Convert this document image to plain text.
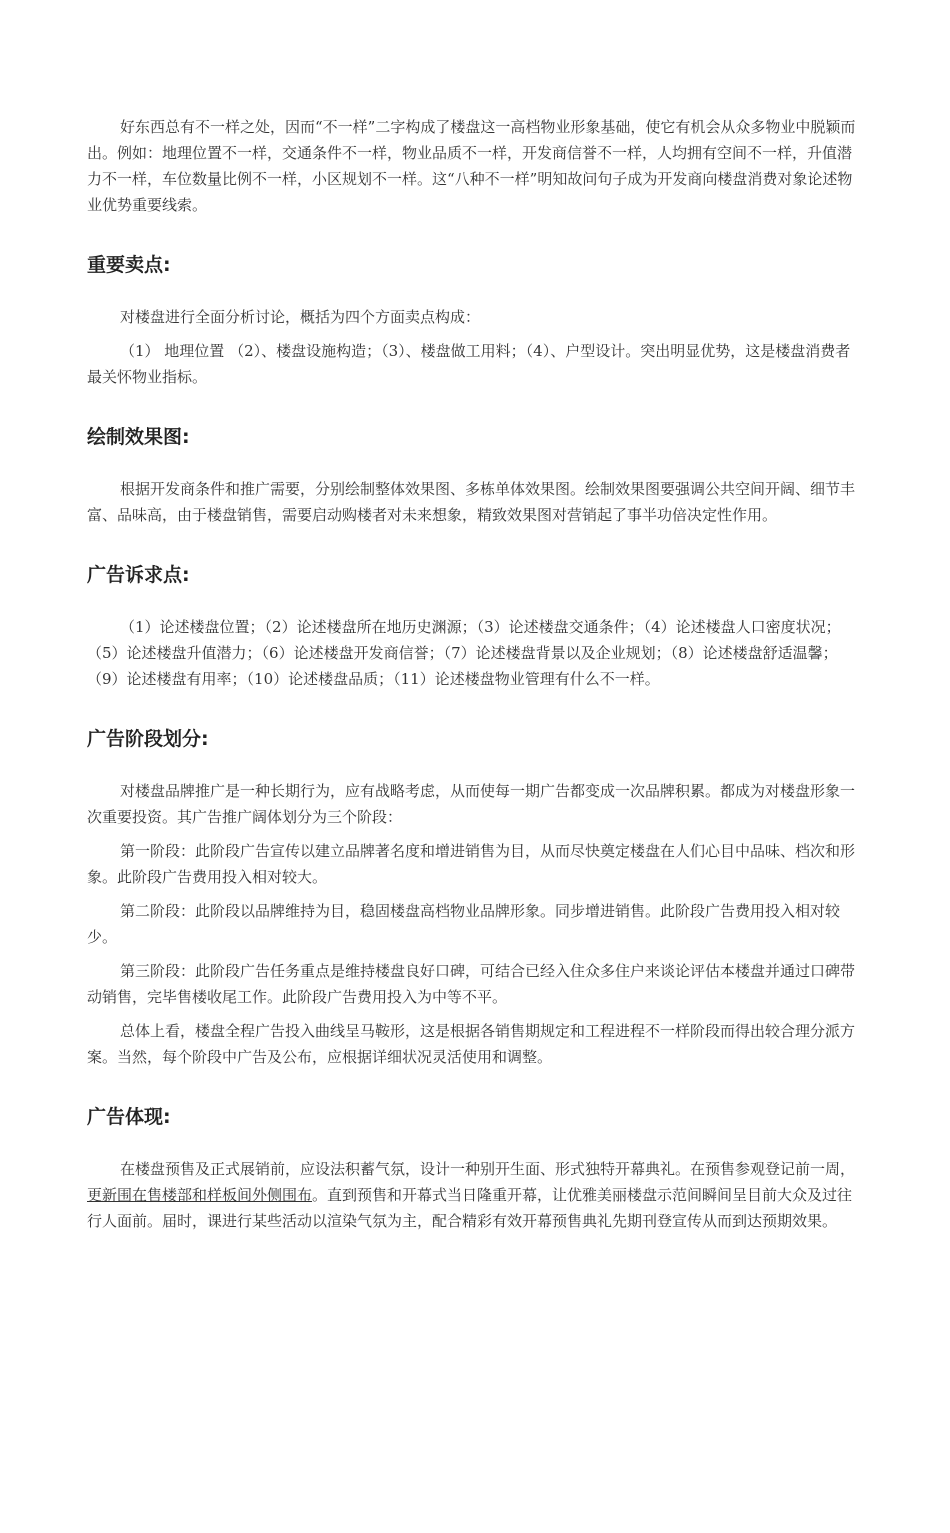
好东西总有不一样之处，因而“不一样”二字构成了楼盘这一高档物业形象基础，使它有机会从众多物业中脱颖而出。例如：地理位置不一样，交通条件不一样，物业品质不一样，开发商信誉不一样，人均拥有空间不一样，升值潜力不一样，车位数量比例不一样，小区规划不一样。这“八种不一样”明知故问句子成为开发商向楼盘消费对象论述物业优势重要线索。

重要卖点:

对楼盘进行全面分析讨论，概括为四个方面卖点构成：

（1） 地理位置 （2）、楼盘设施构造；（3）、楼盘做工用料；（4）、户型设计。突出明显优势，这是楼盘消费者最关怀物业指标。

绘制效果图:

根据开发商条件和推广需要，分别绘制整体效果图、多栋单体效果图。绘制效果图要强调公共空间开阔、细节丰富、品味高，由于楼盘销售，需要启动购楼者对未来想象，精致效果图对营销起了事半功倍决定性作用。

广告诉求点:

（1）论述楼盘位置；（2）论述楼盘所在地历史渊源；（3）论述楼盘交通条件；（4）论述楼盘人口密度状况；（5）论述楼盘升值潜力；（6）论述楼盘开发商信誉；（7）论述楼盘背景以及企业规划；（8）论述楼盘舒适温馨；（9）论述楼盘有用率；（10）论述楼盘品质；（11）论述楼盘物业管理有什么不一样。

广告阶段划分:

对楼盘品牌推广是一种长期行为，应有战略考虑，从而使每一期广告都变成一次品牌积累。都成为对楼盘形象一次重要投资。其广告推广阔体划分为三个阶段：

第一阶段：此阶段广告宣传以建立品牌著名度和增进销售为目，从而尽快奠定楼盘在人们心目中品味、档次和形象。此阶段广告费用投入相对较大。

第二阶段：此阶段以品牌维持为目，稳固楼盘高档物业品牌形象。同步增进销售。此阶段广告费用投入相对较少。

第三阶段：此阶段广告任务重点是维持楼盘良好口碑，可结合已经入住众多住户来谈论评估本楼盘并通过口碑带动销售，完毕售楼收尾工作。此阶段广告费用投入为中等不平。

总体上看，楼盘全程广告投入曲线呈马鞍形，这是根据各销售期规定和工程进程不一样阶段而得出较合理分派方案。当然，每个阶段中广告及公布，应根据详细状况灵活使用和调整。

广告体现:

在楼盘预售及正式展销前，应设法积蓄气氛，设计一种别开生面、形式独特开幕典礼。在预售参观登记前一周，更新围在售楼部和样板间外侧围布。直到预售和开幕式当日隆重开幕，让优雅美丽楼盘示范间瞬间呈目前大众及过往行人面前。届时，课进行某些活动以渲染气氛为主，配合精彩有效开幕预售典礼先期刊登宣传从而到达预期效果。
